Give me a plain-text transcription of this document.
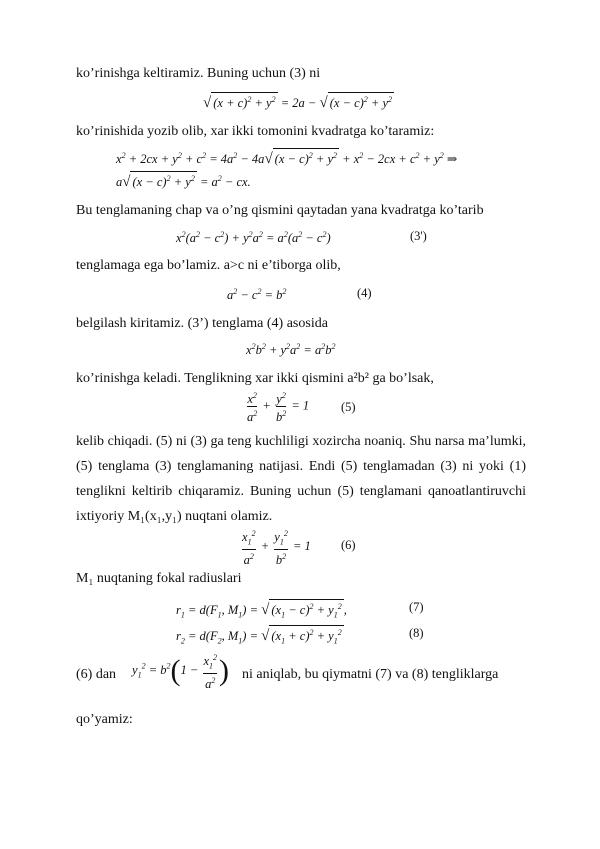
ko’rinishga keltiramiz. Buning uchun (3) ni
√ $(x + c)^2 + y^2 = 2a$ − √ $(x - c)^2 + y^2$
ko’rinishida yozib olib, xar ikki tomonini kvadratga ko’taramiz:
$x^2 + 2cx + y^2 + c^2 = 4a^2 - 4a√$ $(x - c)^2 + y^2 + x^2 - 2cx + c^2 + y^2$ ⇒
a√ $(x - c)^2 + y^2 = a^2$ − cx.
Bu tenglamaning chap va o’ng qismini qaytadan yana kvadratga ko’tarib
$x^2(a^2 - c^2) + y^2a^2 = a^2(a^2 - c^2)$	(3')
tenglamaga ega bo’lamiz. a>c ni e’tiborga olib,
$a^2 - c^2 = b^2$	(4)
belgilash kiritamiz. (3’) tenglama (4) asosida
$x^2b^2 + y^2a^2 = a^2b^2$
ko’rinishga keladi. Tenglikning xar ikki qismini a²b² ga bo’lsak,
$\frac{x^2}{a^2} + \frac{y^2}{b^2} = 1$	(5)
kelib chiqadi. (5) ni (3) ga teng kuchliligi xozircha noaniq. Shu narsa ma’lumki,
(5) tenglama (3) tenglamaning natijasi. Endi (5) tenglamadan (3) ni yoki (1)
tenglikni keltirib chiqaramiz. Buning uchun (5) tenglamani qanoatlantiruvchi
ixtiyoriy M₁(x₁,y₁) nuqtani olamiz.
$\frac{x_1^2}{a^2} + \frac{y_1^2}{b^2} = 1$ (6)
M₁ nuqtaning fokal radiuslari
$r_1 = d(F_1$, $M_1$) = √ $(x_1 - c)^2 + y_1^2$ ,	(7)
$r_2 = d(F_2$, $M_1$) = √ $(x_1 + c)^2 + y_1^2$	(8)
(6) dan $y_1^2 = b^2(1 - \frac{x_1^2}{a^2}$ ) ni aniqlab, bu qiymatni (7) va (8) tengliklarga
qo’yamiz:
